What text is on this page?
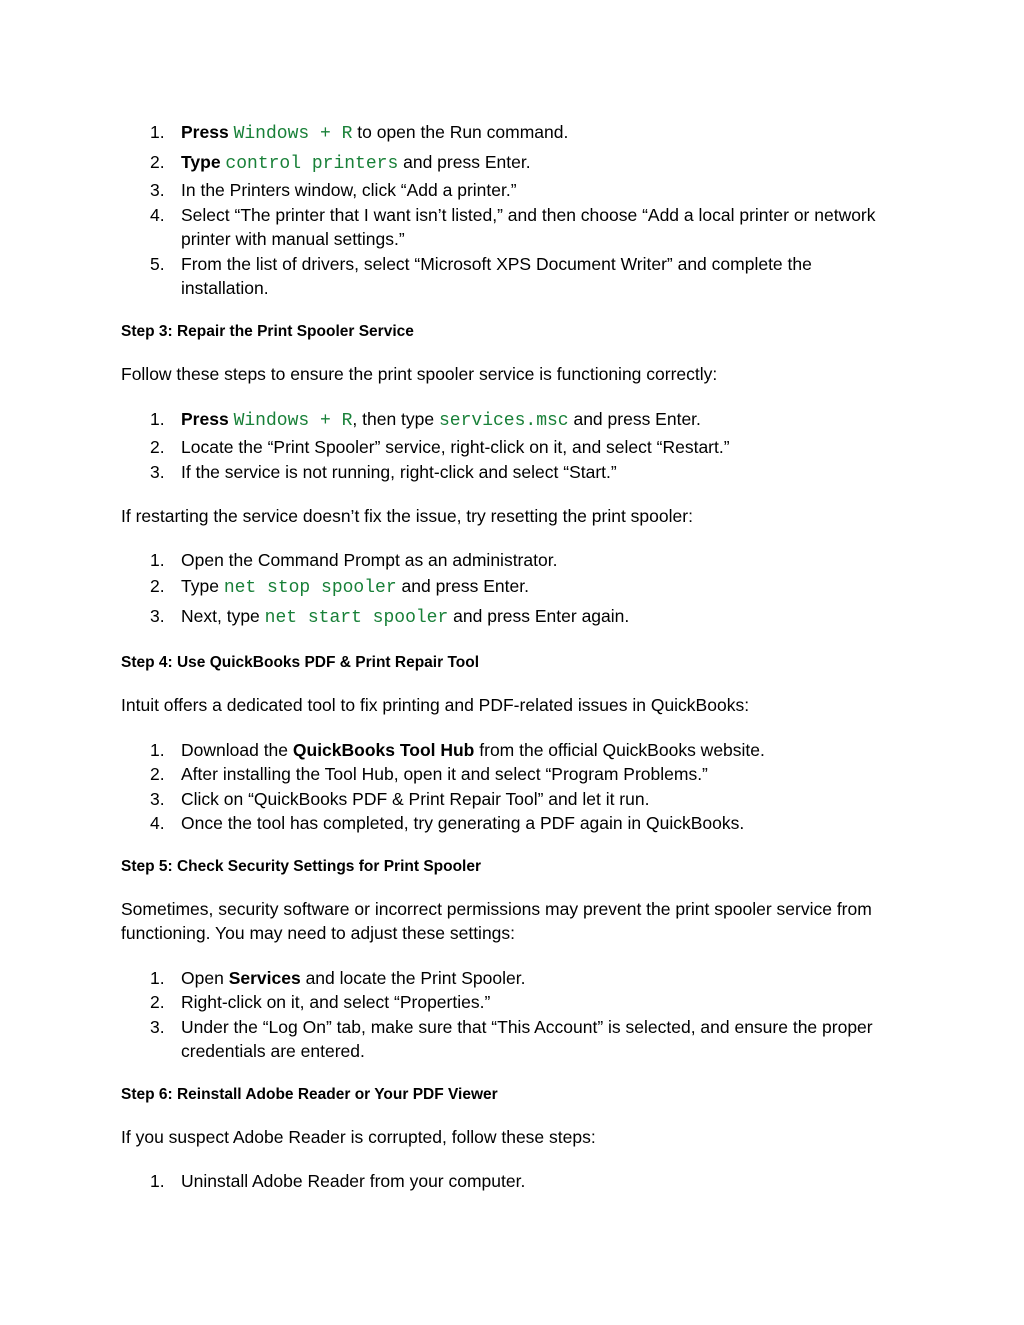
1. Press Windows + R to open the Run command.
2. Type control printers and press Enter.
3. In the Printers window, click “Add a printer.”
4. Select “The printer that I want isn’t listed,” and then choose “Add a local printer or network printer with manual settings.”
5. From the list of drivers, select “Microsoft XPS Document Writer” and complete the installation.
Step 3: Repair the Print Spooler Service

Follow these steps to ensure the print spooler service is functioning correctly:

1. Press Windows + R, then type services.msc and press Enter.
2. Locate the “Print Spooler” service, right-click on it, and select “Restart.”
3. If the service is not running, right-click and select “Start.”

If restarting the service doesn’t fix the issue, try resetting the print spooler:

1. Open the Command Prompt as an administrator.
2. Type net stop spooler and press Enter.
3. Next, type net start spooler and press Enter again.
Step 4: Use QuickBooks PDF & Print Repair Tool

Intuit offers a dedicated tool to fix printing and PDF-related issues in QuickBooks:

1. Download the QuickBooks Tool Hub from the official QuickBooks website.
2. After installing the Tool Hub, open it and select “Program Problems.”
3. Click on “QuickBooks PDF & Print Repair Tool” and let it run.
4. Once the tool has completed, try generating a PDF again in QuickBooks.
Step 5: Check Security Settings for Print Spooler

Sometimes, security software or incorrect permissions may prevent the print spooler service from functioning. You may need to adjust these settings:

1. Open Services and locate the Print Spooler.
2. Right-click on it, and select “Properties.”
3. Under the “Log On” tab, make sure that “This Account” is selected, and ensure the proper credentials are entered.
Step 6: Reinstall Adobe Reader or Your PDF Viewer

If you suspect Adobe Reader is corrupted, follow these steps:

1. Uninstall Adobe Reader from your computer.
